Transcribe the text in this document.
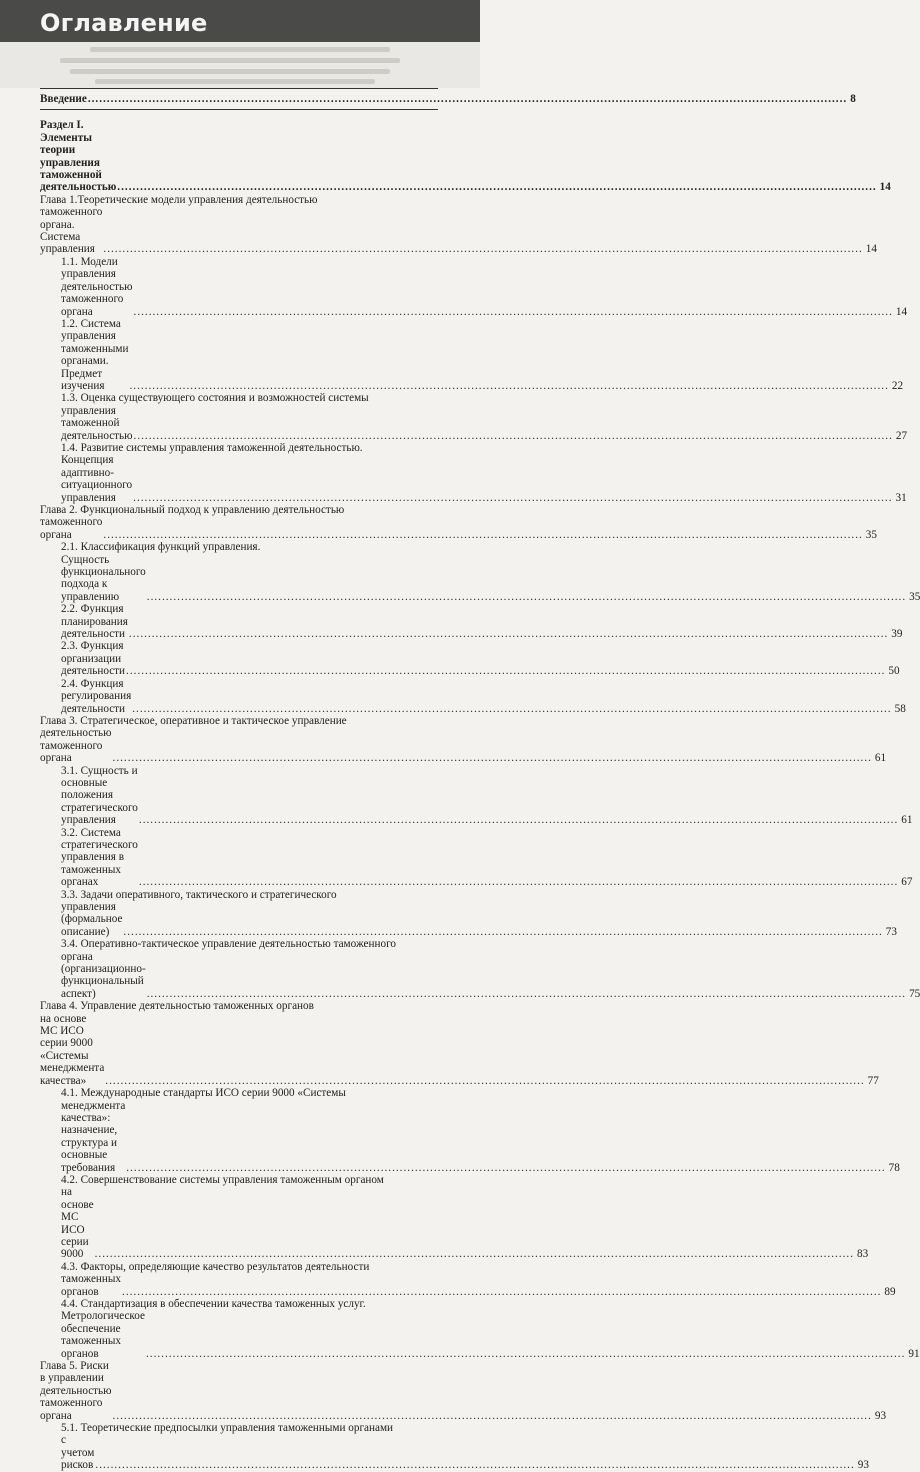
Оглавление
Введение ........................................................................................................................................................................................................ 8
Раздел I. Элементы теории управления таможенной деятельностью ........................................................................................................................................................................................................ 14
Глава 1.Теоретические модели управления деятельностью
таможенного органа. Система управления ........................................................................................................................................................................................................ 14
1.1. Модели управления деятельностью таможенного органа	........................................................................................................................................................................................................ 14
1.2. Система управления таможенными органами. Предмет изучения	........................................................................................................................................................................................................ 22
1.3. Оценка существующего состояния и возможностей системы
управления таможенной деятельностью ........................................................................................................................................................................................................ 27
1.4. Развитие системы управления таможенной деятельностью.
Концепция адаптивно-ситуационного управления	........................................................................................................................................................................................................ 31
Глава 2. Функциональный подход к управлению деятельностью
таможенного органа	........................................................................................................................................................................................................ 35
2.1. Классификация функций управления.
Сущность функционального подхода к управлению	........................................................................................................................................................................................................ 35
2.2. Функция планирования деятельности ........................................................................................................................................................................................................ 39
2.3. Функция организации деятельности ........................................................................................................................................................................................................ 50
2.4. Функция регулирования деятельности ........................................................................................................................................................................................................ 58
Глава 3. Стратегическое, оперативное и тактическое управление
деятельностью таможенного органа	........................................................................................................................................................................................................ 61
3.1. Сущность и основные положения стратегического управления	........................................................................................................................................................................................................ 61
3.2. Система стратегического управления в таможенных органах	........................................................................................................................................................................................................ 67
3.3. Задачи оперативного, тактического и стратегического
управления (формальное описание)	........................................................................................................................................................................................................ 73
3.4. Оперативно-тактическое управление деятельностью таможенного
органа (организационно-функциональный аспект)	........................................................................................................................................................................................................ 75
Глава 4. Управление деятельностью таможенных органов
на основе МС ИСО серии 9000 «Системы менеджмента качества»	........................................................................................................................................................................................................ 77
4.1. Международные стандарты ИСО серии 9000 «Системы
менеджмента качества»: назначение, структура и основные требования	........................................................................................................................................................................................................ 78
4.2. Совершенствование системы управления таможенным органом
на основе МС ИСО серии 9000	........................................................................................................................................................................................................ 83
4.3. Факторы, определяющие качество результатов деятельности
таможенных органов	........................................................................................................................................................................................................ 89
4.4. Стандартизация в обеспечении качества таможенных услуг.
Метрологическое обеспечение таможенных органов	........................................................................................................................................................................................................ 91
Глава 5. Риски в управлении деятельностью таможенного органа	........................................................................................................................................................................................................ 93
5.1. Теоретические предпосылки управления таможенными органами
с учетом рисков ........................................................................................................................................................................................................ 93
